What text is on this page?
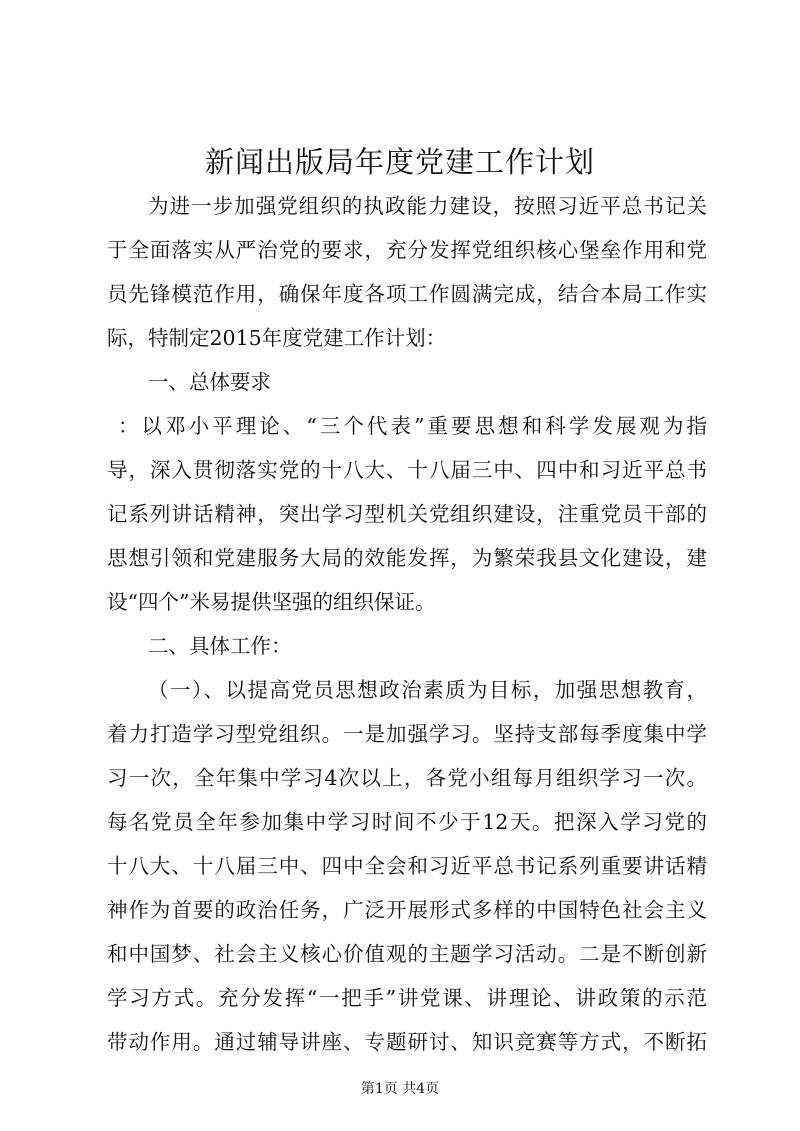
新闻出版局年度党建工作计划
为进一步加强党组织的执政能力建设，按照习近平总书记关
于全面落实从严治党的要求，充分发挥党组织核心堡垒作用和党
员先锋模范作用，确保年度各项工作圆满完成，结合本局工作实
际，特制定2015年度党建工作计划：
一、总体要求
：以邓小平理论、“三个代表”重要思想和科学发展观为指
导，深入贯彻落实党的十八大、十八届三中、四中和习近平总书
记系列讲话精神，突出学习型机关党组织建设，注重党员干部的
思想引领和党建服务大局的效能发挥，为繁荣我县文化建设，建
设“四个”米易提供坚强的组织保证。
二、具体工作：
（一）、以提高党员思想政治素质为目标，加强思想教育，
着力打造学习型党组织。一是加强学习。坚持支部每季度集中学
习一次，全年集中学习4次以上，各党小组每月组织学习一次。
每名党员全年参加集中学习时间不少于12天。把深入学习党的
十八大、十八届三中、四中全会和习近平总书记系列重要讲话精
神作为首要的政治任务，广泛开展形式多样的中国特色社会主义
和中国梦、社会主义核心价值观的主题学习活动。二是不断创新
学习方式。充分发挥“一把手”讲党课、讲理论、讲政策的示范
带动作用。通过辅导讲座、专题研讨、知识竞赛等方式，不断拓
第1页 共4页
